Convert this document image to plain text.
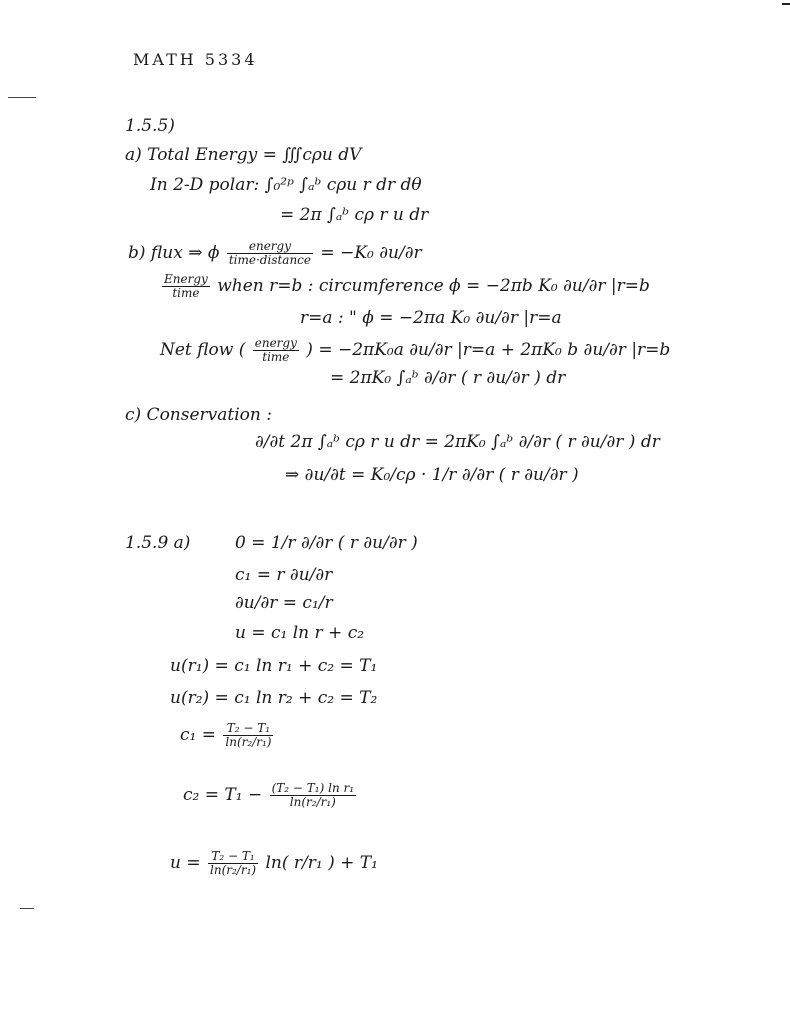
MATH 5334
1.5.5)
a) Total Energy = ∭cρu dV
In 2-D polar: ∫₀²ᵖ ∫ₐᵇ cρu r dr dθ
= 2π ∫ₐᵇ cρ r u dr
b) flux ⇒ ϕ $\frac{\text{energy}}{\text{time·distance}} = -K_0$ ∂u/∂r
$\frac{\text{Energy}}{\text{time}}$ when r=b : circumference ϕ = −2πb K₀ ∂u/∂r |r=b
r=a : " ϕ = −2πa K₀ ∂u/∂r |r=a
Net flow ( $\frac{\text{energy}}{\text{time}}$ ) = −2πK₀a ∂u/∂r |r=a + 2πK₀ b ∂u/∂r |r=b
= 2πK₀ ∫ₐᵇ ∂/∂r ( r ∂u/∂r ) dr
c) Conservation :
∂/∂t 2π ∫ₐᵇ cρ r u dr = 2πK₀ ∫ₐᵇ ∂/∂r ( r ∂u/∂r ) dr
⇒ ∂u/∂t = K₀/cρ · 1/r ∂/∂r ( r ∂u/∂r )
1.5.9 a)	0 = 1/r ∂/∂r ( r ∂u/∂r )
c₁ = r ∂u/∂r
∂u/∂r = c₁/r
u = c₁ ln r + c₂
u(r₁) = c₁ ln r₁ + c₂ = T₁
u(r₂) = c₁ ln r₂ + c₂ = T₂
$c_1 = \frac{\text{T₂ − T₁}}{\text{ln(r₂/r₁)}}$
$c_2 = T_1 - \frac{\text{(T₂ − T₁) ln r₁}}{\text{ln(r₂/r₁)}}$
$u = \frac{\text{T₂ − T₁}}{\text{ln(r₂/r₁)}} \ln$( r/r₁ ) + T₁
